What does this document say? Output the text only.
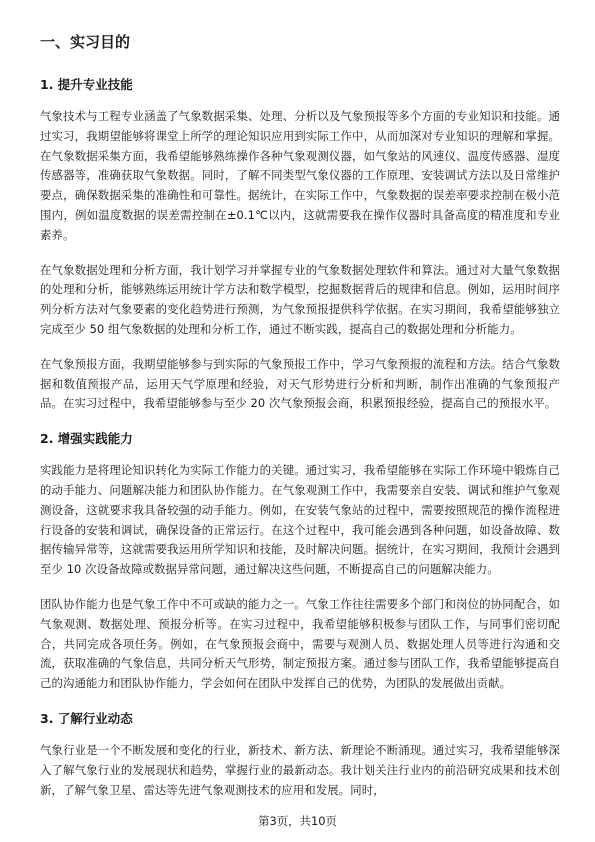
一、实习目的
1. 提升专业技能

气象技术与工程专业涵盖了气象数据采集、处理、分析以及气象预报等多个方面的专业知识和技能。通过实习，我期望能够将课堂上所学的理论知识应用到实际工作中，从而加深对专业知识的理解和掌握。在气象数据采集方面，我希望能够熟练操作各种气象观测仪器，如气象站的风速仪、温度传感器、湿度传感器等，准确获取气象数据。同时，了解不同类型气象仪器的工作原理、安装调试方法以及日常维护要点，确保数据采集的准确性和可靠性。据统计，在实际工作中，气象数据的误差率要求控制在极小范围内，例如温度数据的误差需控制在±0.1℃以内，这就需要我在操作仪器时具备高度的精准度和专业素养。

在气象数据处理和分析方面，我计划学习并掌握专业的气象数据处理软件和算法。通过对大量气象数据的处理和分析，能够熟练运用统计学方法和数学模型，挖掘数据背后的规律和信息。例如，运用时间序列分析方法对气象要素的变化趋势进行预测，为气象预报提供科学依据。在实习期间，我希望能够独立完成至少 50 组气象数据的处理和分析工作，通过不断实践，提高自己的数据处理和分析能力。

在气象预报方面，我期望能够参与到实际的气象预报工作中，学习气象预报的流程和方法。结合气象数据和数值预报产品，运用天气学原理和经验，对天气形势进行分析和判断，制作出准确的气象预报产品。在实习过程中，我希望能够参与至少 20 次气象预报会商，积累预报经验，提高自己的预报水平。

2. 增强实践能力

实践能力是将理论知识转化为实际工作能力的关键。通过实习，我希望能够在实际工作环境中锻炼自己的动手能力、问题解决能力和团队协作能力。在气象观测工作中，我需要亲自安装、调试和维护气象观测设备，这就要求我具备较强的动手能力。例如，在安装气象站的过程中，需要按照规范的操作流程进行设备的安装和调试，确保设备的正常运行。在这个过程中，我可能会遇到各种问题，如设备故障、数据传输异常等，这就需要我运用所学知识和技能，及时解决问题。据统计，在实习期间，我预计会遇到至少 10 次设备故障或数据异常问题，通过解决这些问题，不断提高自己的问题解决能力。

团队协作能力也是气象工作中不可或缺的能力之一。气象工作往往需要多个部门和岗位的协同配合，如气象观测、数据处理、预报分析等。在实习过程中，我希望能够积极参与团队工作，与同事们密切配合，共同完成各项任务。例如，在气象预报会商中，需要与观测人员、数据处理人员等进行沟通和交流，获取准确的气象信息，共同分析天气形势，制定预报方案。通过参与团队工作，我希望能够提高自己的沟通能力和团队协作能力，学会如何在团队中发挥自己的优势，为团队的发展做出贡献。

3. 了解行业动态

气象行业是一个不断发展和变化的行业，新技术、新方法、新理论不断涌现。通过实习，我希望能够深入了解气象行业的发展现状和趋势，掌握行业的最新动态。我计划关注行业内的前沿研究成果和技术创新，了解气象卫星、雷达等先进气象观测技术的应用和发展。同时，

第3页，共10页
